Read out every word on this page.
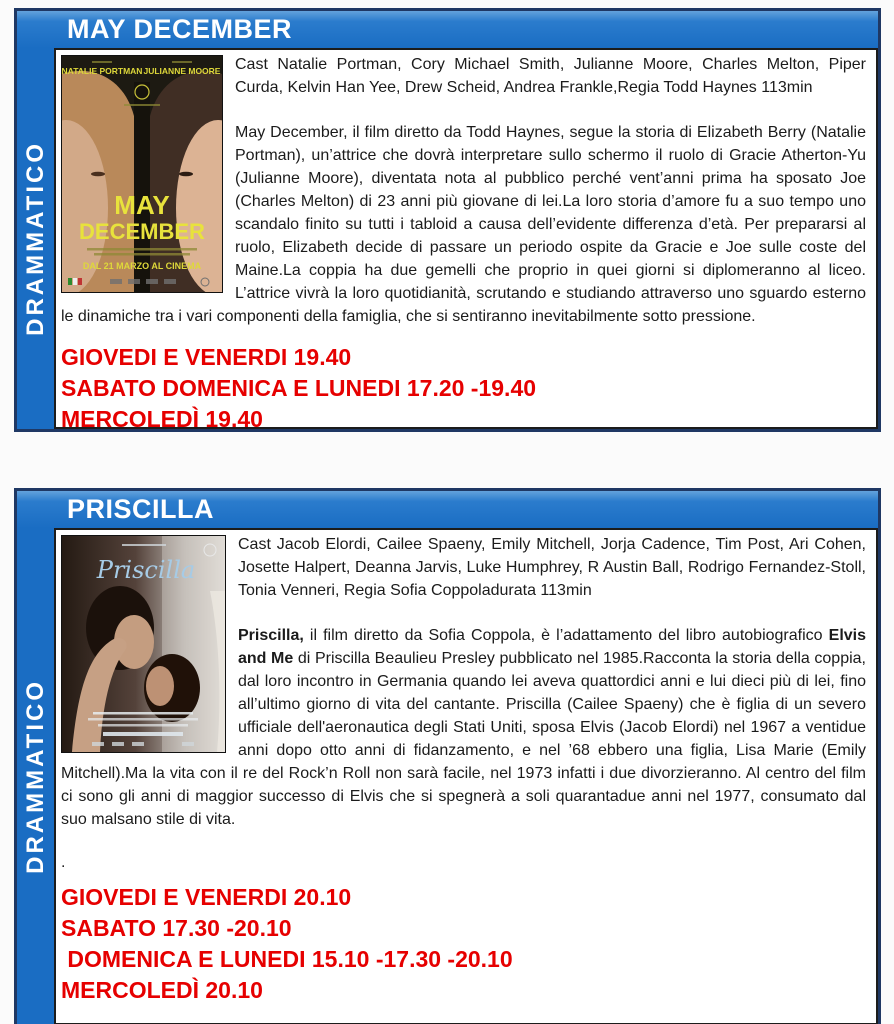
MAY DECEMBER
DRAMMATICO
NATALIE PORTMAN JULIANNE MOORE
MAY
DECEMBER
DAL 21 MARZO AL CINEMA

Cast Natalie Portman, Cory Michael Smith, Julianne Moore, Charles Melton, Piper Curda, Kelvin Han Yee, Drew Scheid, Andrea Frankle,Regia Todd Haynes 113min

May December, il film diretto da Todd Haynes, segue la storia di Elizabeth Berry (Natalie Portman), un’attrice che dovrà interpretare sullo schermo il ruolo di Gracie Atherton-Yu (Julianne Moore), diventata nota al pubblico perché vent’anni prima ha sposato Joe (Charles Melton) di 23 anni più giovane di lei.La loro storia d’amore fu a suo tempo uno scandalo finito su tutti i tabloid a causa dell’evidente differenza d’età. Per prepararsi al ruolo, Elizabeth decide di passare un periodo ospite da Gracie e Joe sulle coste del Maine.La coppia ha due gemelli che proprio in quei giorni si diplomeranno al liceo. L’attrice vivrà la loro quotidianità, scrutando e studiando attraverso uno sguardo esterno le dinamiche tra i vari componenti della famiglia, che si sentiranno inevitabilmente sotto pressione.

GIOVEDI E VENERDI 19.40

SABATO DOMENICA E LUNEDI 17.20 -19.40

MERCOLEDÌ 19.40

PRISCILLA
DRAMMATICO
Priscilla

Cast Jacob Elordi, Cailee Spaeny, Emily Mitchell, Jorja Cadence, Tim Post, Ari Cohen, Josette Halpert, Deanna Jarvis, Luke Humphrey, R Austin Ball, Rodrigo Fernandez-Stoll, Tonia Venneri, Regia Sofia Coppoladurata 113min

Priscilla, il film diretto da Sofia Coppola, è l’adattamento del libro autobiografico Elvis and Me di Priscilla Beaulieu Presley pubblicato nel 1985.Racconta la storia della coppia, dal loro incontro in Germania quando lei aveva quattordici anni e lui dieci più di lei, fino all’ultimo giorno di vita del cantante. Priscilla (Cailee Spaeny) che è figlia di un severo ufficiale dell'aeronautica degli Stati Uniti, sposa Elvis (Jacob Elordi) nel 1967 a ventidue anni dopo otto anni di fidanzamento, e nel ’68 ebbero una figlia, Lisa Marie (Emily Mitchell).Ma la vita con il re del Rock’n Roll non sarà facile, nel 1973 infatti i due divorzieranno. Al centro del film ci sono gli anni di maggior successo di Elvis che si spegnerà a soli quarantadue anni nel 1977, consumato dal suo malsano stile di vita.

.

GIOVEDI E VENERDI 20.10

SABATO 17.30 -20.10

DOMENICA E LUNEDI 15.10 -17.30 -20.10

MERCOLEDÌ 20.10
